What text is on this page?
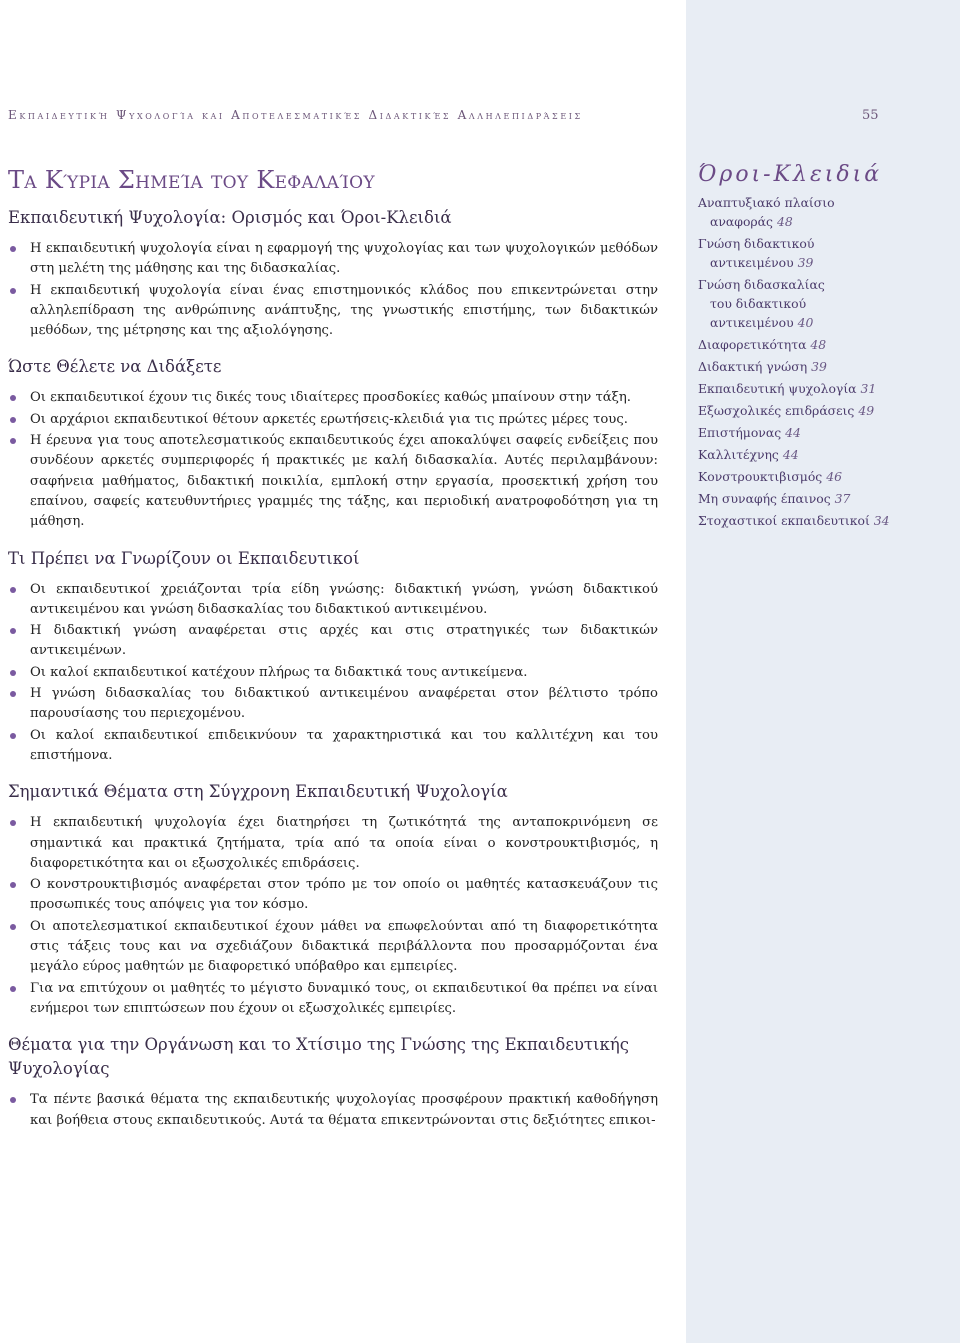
Εκπαιδευτική Ψυχολογία και Αποτελεσματικές Διδακτικές Αλληλεπιδράσεις	55
Τα Κύρια Σημεία του Κεφαλαίου
Εκπαιδευτική Ψυχολογία: Ορισμός και Όροι-Κλειδιά
Η εκπαιδευτική ψυχολογία είναι η εφαρμογή της ψυχολογίας και των ψυχολογικών μεθόδων στη μελέτη της μάθησης και της διδασκαλίας.
Η εκπαιδευτική ψυχολογία είναι ένας επιστημονικός κλάδος που επικεντρώνεται στην αλληλεπίδραση της ανθρώπινης ανάπτυξης, της γνωστικής επιστήμης, των διδακτικών μεθόδων, της μέτρησης και της αξιολόγησης.
Ώστε Θέλετε να Διδάξετε
Οι εκπαιδευτικοί έχουν τις δικές τους ιδιαίτερες προσδοκίες καθώς μπαίνουν στην τάξη.
Οι αρχάριοι εκπαιδευτικοί θέτουν αρκετές ερωτήσεις-κλειδιά για τις πρώτες μέρες τους.
Η έρευνα για τους αποτελεσματικούς εκπαιδευτικούς έχει αποκαλύψει σαφείς ενδείξεις που συνδέουν αρκετές συμπεριφορές ή πρακτικές με καλή διδασκαλία. Αυτές περιλαμβάνουν: σαφήνεια μαθήματος, διδακτική ποικιλία, εμπλοκή στην εργασία, προσεκτική χρήση του επαίνου, σαφείς κατευθυντήριες γραμμές της τάξης, και περιοδική ανατροφοδότηση για τη μάθηση.
Τι Πρέπει να Γνωρίζουν οι Εκπαιδευτικοί
Οι εκπαιδευτικοί χρειάζονται τρία είδη γνώσης: διδακτική γνώση, γνώση διδακτικού αντικειμένου και γνώση διδασκαλίας του διδακτικού αντικειμένου.
Η διδακτική γνώση αναφέρεται στις αρχές και στις στρατηγικές των διδακτικών αντικειμένων.
Οι καλοί εκπαιδευτικοί κατέχουν πλήρως τα διδακτικά τους αντικείμενα.
Η γνώση διδασκαλίας του διδακτικού αντικειμένου αναφέρεται στον βέλτιστο τρόπο παρουσίασης του περιεχομένου.
Οι καλοί εκπαιδευτικοί επιδεικνύουν τα χαρακτηριστικά και του καλλιτέχνη και του επιστήμονα.
Σημαντικά Θέματα στη Σύγχρονη Εκπαιδευτική Ψυχολογία
Η εκπαιδευτική ψυχολογία έχει διατηρήσει τη ζωτικότητά της ανταποκρινόμενη σε σημαντικά και πρακτικά ζητήματα, τρία από τα οποία είναι ο κονστρουκτιβισμός, η διαφορετικότητα και οι εξωσχολικές επιδράσεις.
Ο κονστρουκτιβισμός αναφέρεται στον τρόπο με τον οποίο οι μαθητές κατασκευάζουν τις προσωπικές τους απόψεις για τον κόσμο.
Οι αποτελεσματικοί εκπαιδευτικοί έχουν μάθει να επωφελούνται από τη διαφορετικότητα στις τάξεις τους και να σχεδιάζουν διδακτικά περιβάλλοντα που προσαρμόζονται ένα μεγάλο εύρος μαθητών με διαφορετικό υπόβαθρο και εμπειρίες.
Για να επιτύχουν οι μαθητές το μέγιστο δυναμικό τους, οι εκπαιδευτικοί θα πρέπει να είναι ενήμεροι των επιπτώσεων που έχουν οι εξωσχολικές εμπειρίες.
Θέματα για την Οργάνωση και το Χτίσιμο της Γνώσης της Εκπαιδευτικής Ψυχολογίας
Τα πέντε βασικά θέματα της εκπαιδευτικής ψυχολογίας προσφέρουν πρακτική καθοδήγηση και βοήθεια στους εκπαιδευτικούς. Αυτά τα θέματα επικεντρώνονται στις δεξιότητες επικοι-
Όροι-Κλειδιά
Αναπτυξιακό πλαίσιο
αναφοράς 48
Γνώση διδακτικού
αντικειμένου 39
Γνώση διδασκαλίας
του διδακτικού
αντικειμένου 40
Διαφορετικότητα 48
Διδακτική γνώση 39
Εκπαιδευτική ψυχολογία 31
Εξωσχολικές επιδράσεις 49
Επιστήμονας 44
Καλλιτέχνης 44
Κονστρουκτιβισμός 46
Μη συναφής έπαινος 37
Στοχαστικοί εκπαιδευτικοί 34
